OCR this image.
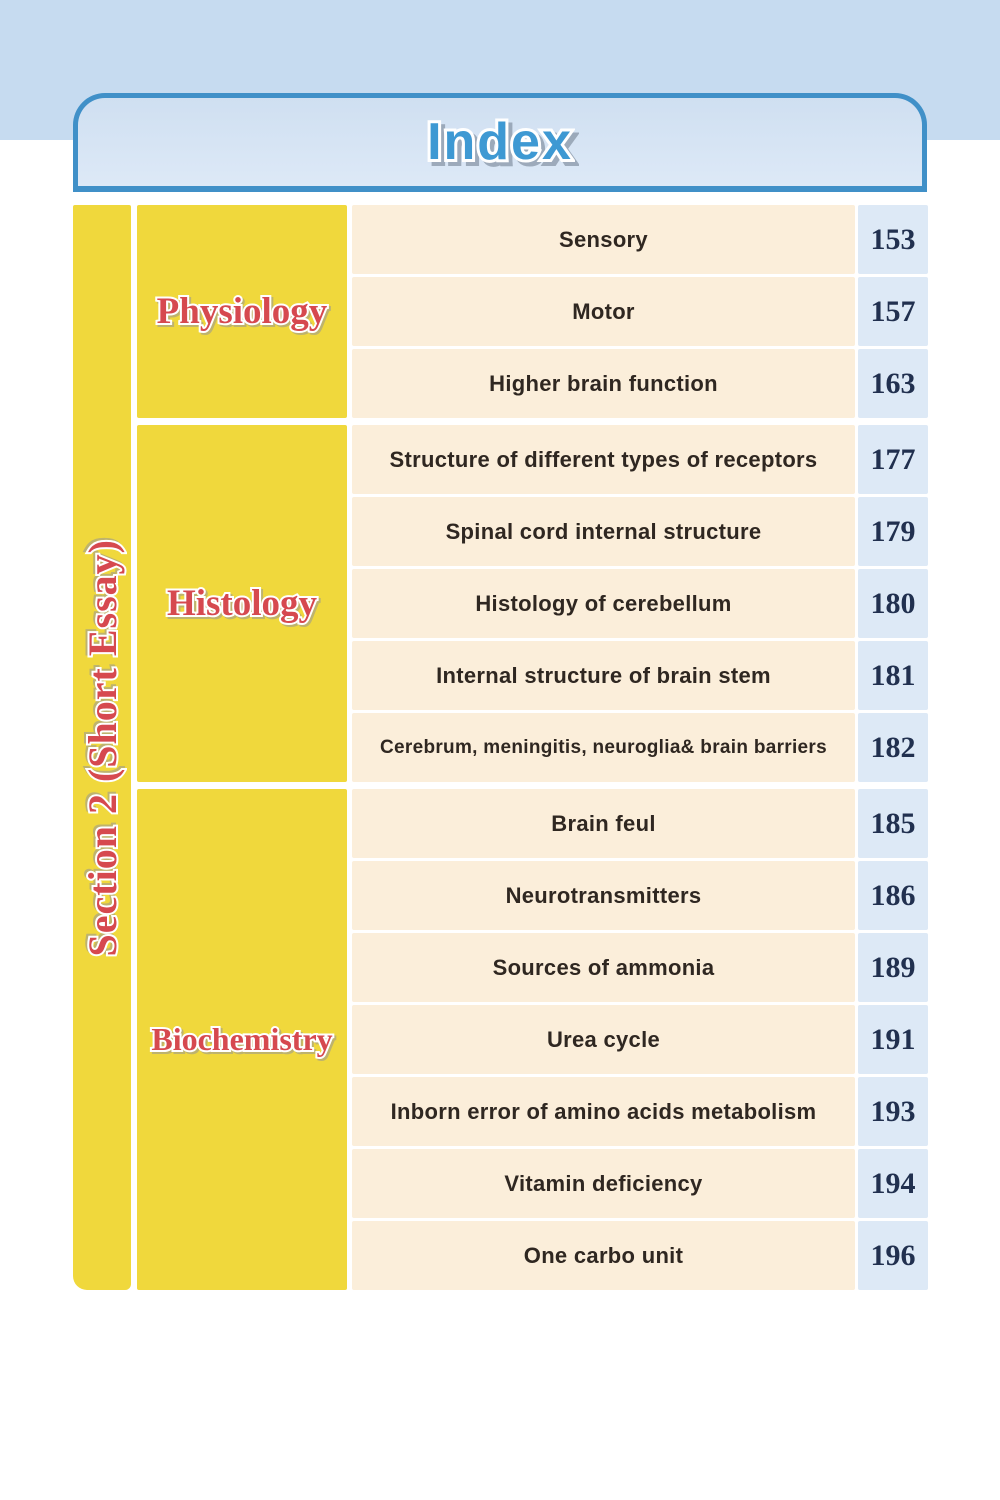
Index
Section 2 (Short Essay)
Physiology
Sensory	153
Motor	157
Higher brain function	163
Histology
Structure of different types of receptors 177
Spinal cord internal structure	179
Histology of cerebellum	180
Internal structure of brain stem	181
Cerebrum, meningitis, neuroglia& brain barriers 182
Biochemistry
Brain feul	185
Neurotransmitters	186
Sources of ammonia	189
Urea cycle	191
Inborn error of amino acids metabolism 193
Vitamin deficiency	194
One carbo unit	196
